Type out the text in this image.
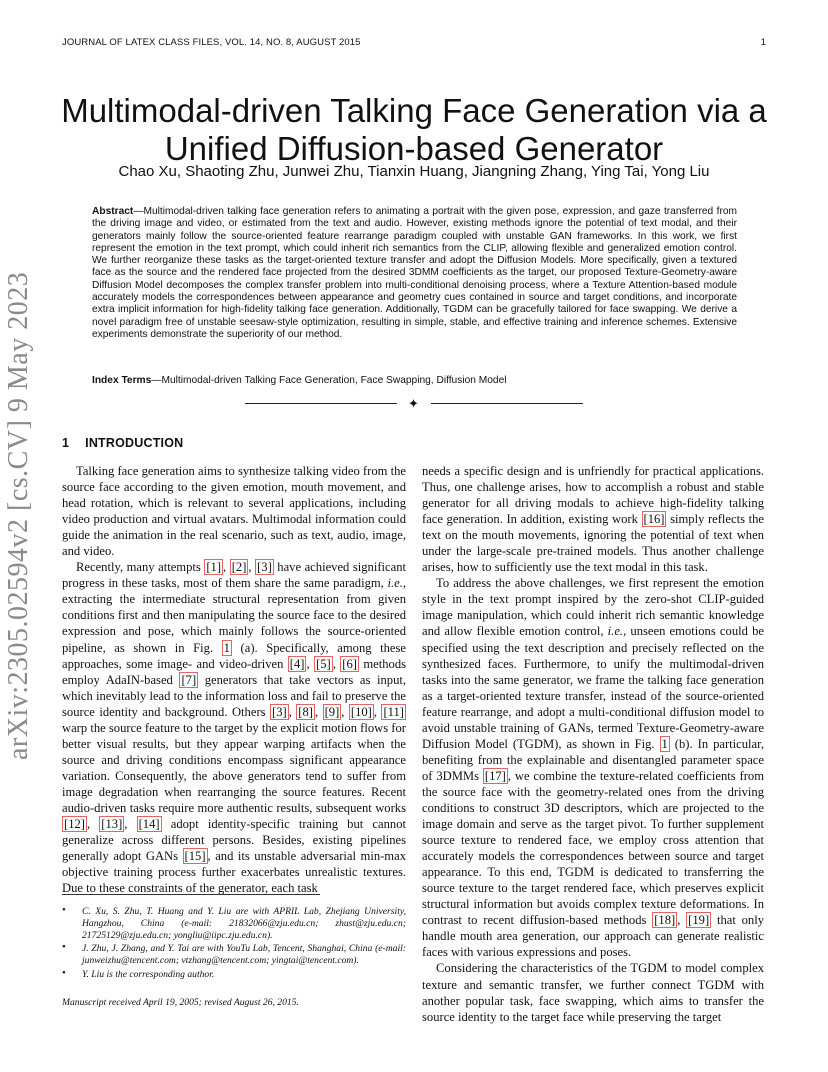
JOURNAL OF LATEX CLASS FILES, VOL. 14, NO. 8, AUGUST 2015	1
arXiv:2305.02594v2 [cs.CV] 9 May 2023
Multimodal-driven Talking Face Generation via a Unified Diffusion-based Generator
Chao Xu, Shaoting Zhu, Junwei Zhu, Tianxin Huang, Jiangning Zhang, Ying Tai, Yong Liu
Abstract—Multimodal-driven talking face generation refers to animating a portrait with the given pose, expression, and gaze transferred from the driving image and video, or estimated from the text and audio. However, existing methods ignore the potential of text modal, and their generators mainly follow the source-oriented feature rearrange paradigm coupled with unstable GAN frameworks. In this work, we first represent the emotion in the text prompt, which could inherit rich semantics from the CLIP, allowing flexible and generalized emotion control. We further reorganize these tasks as the target-oriented texture transfer and adopt the Diffusion Models. More specifically, given a textured face as the source and the rendered face projected from the desired 3DMM coefficients as the target, our proposed Texture-Geometry-aware Diffusion Model decomposes the complex transfer problem into multi-conditional denoising process, where a Texture Attention-based module accurately models the correspondences between appearance and geometry cues contained in source and target conditions, and incorporate extra implicit information for high-fidelity talking face generation. Additionally, TGDM can be gracefully tailored for face swapping. We derive a novel paradigm free of unstable seesaw-style optimization, resulting in simple, stable, and effective training and inference schemes. Extensive experiments demonstrate the superiority of our method.
Index Terms—Multimodal-driven Talking Face Generation, Face Swapping, Diffusion Model
✦
1 INTRODUCTION

Talking face generation aims to synthesize talking video from the source face according to the given emotion, mouth movement, and head rotation, which is relevant to several applications, including video production and virtual avatars. Multimodal information could guide the animation in the real scenario, such as text, audio, image, and video.

Recently, many attempts [1] , [2] , [3] have achieved significant progress in these tasks, most of them share the same paradigm, i.e., extracting the intermediate structural representation from given conditions first and then manipulating the source face to the desired expression and pose, which mainly follows the source-oriented pipeline, as shown in Fig. 1 (a). Specifically, among these approaches, some image- and video-driven [4] , [5] , [6] methods employ AdaIN-based [7] generators that take vectors as input, which inevitably lead to the information loss and fail to preserve the source identity and background. Others [3] , [8] , [9] , [10] , [11] warp the source feature to the target by the explicit motion flows for better visual results, but they appear warping artifacts when the source and driving conditions encompass significant appearance variation. Consequently, the above generators tend to suffer from image degradation when rearranging the source features. Recent audio-driven tasks require more authentic results, subsequent works [12] , [13] , [14] adopt identity-specific training but cannot generalize across different persons. Besides, existing pipelines generally adopt GANs [15] , and its unstable adversarial min-max objective training process further exacerbates unrealistic textures. Due to these constraints of the generator, each task

needs a specific design and is unfriendly for practical applications. Thus, one challenge arises, how to accomplish a robust and stable generator for all driving modals to achieve high-fidelity talking face generation. In addition, existing work [16] simply reflects the text on the mouth movements, ignoring the potential of text when under the large-scale pre-trained models. Thus another challenge arises, how to sufficiently use the text modal in this task.

To address the above challenges, we first represent the emotion style in the text prompt inspired by the zero-shot CLIP-guided image manipulation, which could inherit rich semantic knowledge and allow flexible emotion control, i.e., unseen emotions could be specified using the text description and precisely reflected on the synthesized faces. Furthermore, to unify the multimodal-driven tasks into the same generator, we frame the talking face generation as a target-oriented texture transfer, instead of the source-oriented feature rearrange, and adopt a multi-conditional diffusion model to avoid unstable training of GANs, termed Texture-Geometry-aware Diffusion Model (TGDM), as shown in Fig. 1 (b). In particular, benefiting from the explainable and disentangled parameter space of 3DMMs [17] , we combine the texture-related coefficients from the source face with the geometry-related ones from the driving conditions to construct 3D descriptors, which are projected to the image domain and serve as the target pivot. To further supplement source texture to rendered face, we employ cross attention that accurately models the correspondences between source and target appearance. To this end, TGDM is dedicated to transferring the source texture to the target rendered face, which preserves explicit structural information but avoids complex texture deformations. In contrast to recent diffusion-based methods [18] , [19] that only handle mouth area generation, our approach can generate realistic faces with various expressions and poses.

Considering the characteristics of the TGDM to model complex texture and semantic transfer, we further connect TGDM with another popular task, face swapping, which aims to transfer the source identity to the target face while preserving the target

• C. Xu, S. Zhu, T. Huang and Y. Liu are with APRIL Lab, Zhejiang University, Hangzhou, China (e-mail: 21832066@zju.edu.cn; zhust@zju.edu.cn; 21725129@zju.edu.cn; yongliu@iipc.zju.edu.cn).
• J. Zhu, J. Zhang, and Y. Tai are with YouTu Lab, Tencent, Shanghai, China (e-mail: junweizhu@tencent.com; vtzhang@tencent.com; yingtai@tencent.com).
• Y. Liu is the corresponding author.
Manuscript received April 19, 2005; revised August 26, 2015.
